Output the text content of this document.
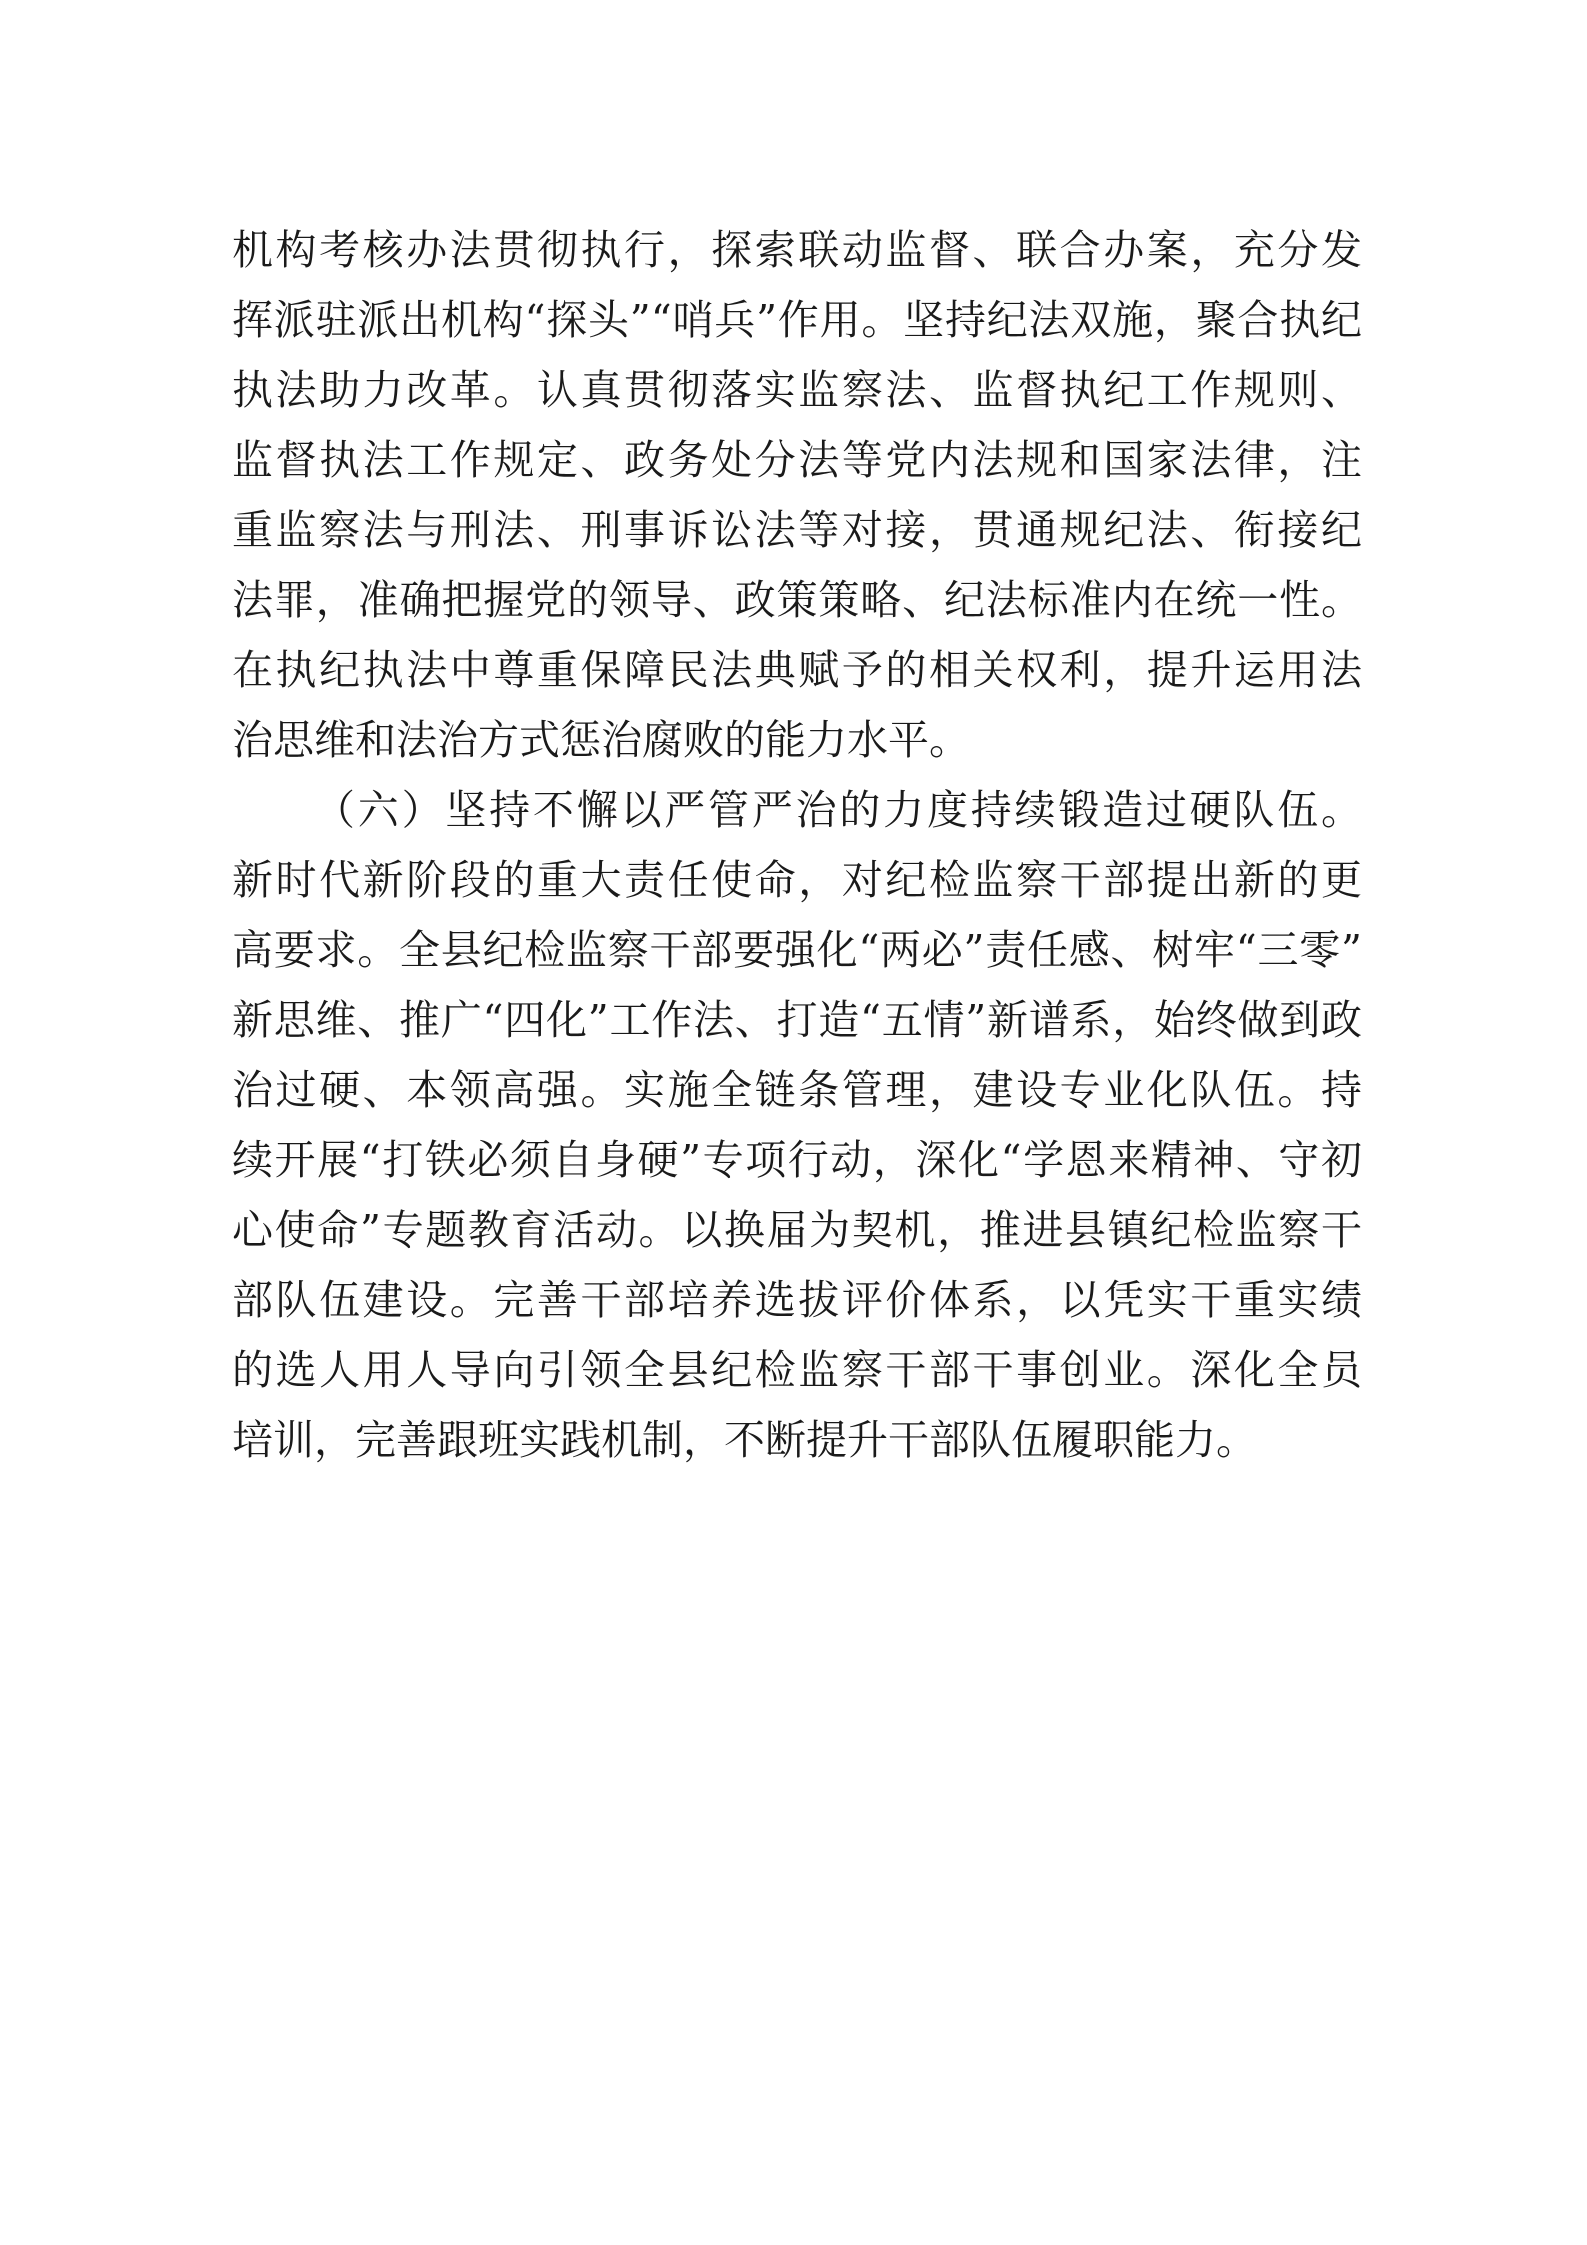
机构考核办法贯彻执行，探索联动监督、联合办案，充分发
挥派驻派出机构“探头”“哨兵”作用。坚持纪法双施，聚合执纪
执法助力改革。认真贯彻落实监察法、监督执纪工作规则、
监督执法工作规定、政务处分法等党内法规和国家法律，注
重监察法与刑法、刑事诉讼法等对接，贯通规纪法、衔接纪
法罪，准确把握党的领导、政策策略、纪法标准内在统一性。
在执纪执法中尊重保障民法典赋予的相关权利，提升运用法
治思维和法治方式惩治腐败的能力水平。
（六）坚持不懈以严管严治的力度持续锻造过硬队伍。
新时代新阶段的重大责任使命，对纪检监察干部提出新的更
高要求。全县纪检监察干部要强化“两必”责任感、树牢“三零”
新思维、推广“四化”工作法、打造“五情”新谱系，始终做到政
治过硬、本领高强。实施全链条管理，建设专业化队伍。持
续开展“打铁必须自身硬”专项行动，深化“学恩来精神、守初
心使命”专题教育活动。以换届为契机，推进县镇纪检监察干
部队伍建设。完善干部培养选拔评价体系，以凭实干重实绩
的选人用人导向引领全县纪检监察干部干事创业。深化全员
培训，完善跟班实践机制，不断提升干部队伍履职能力。
